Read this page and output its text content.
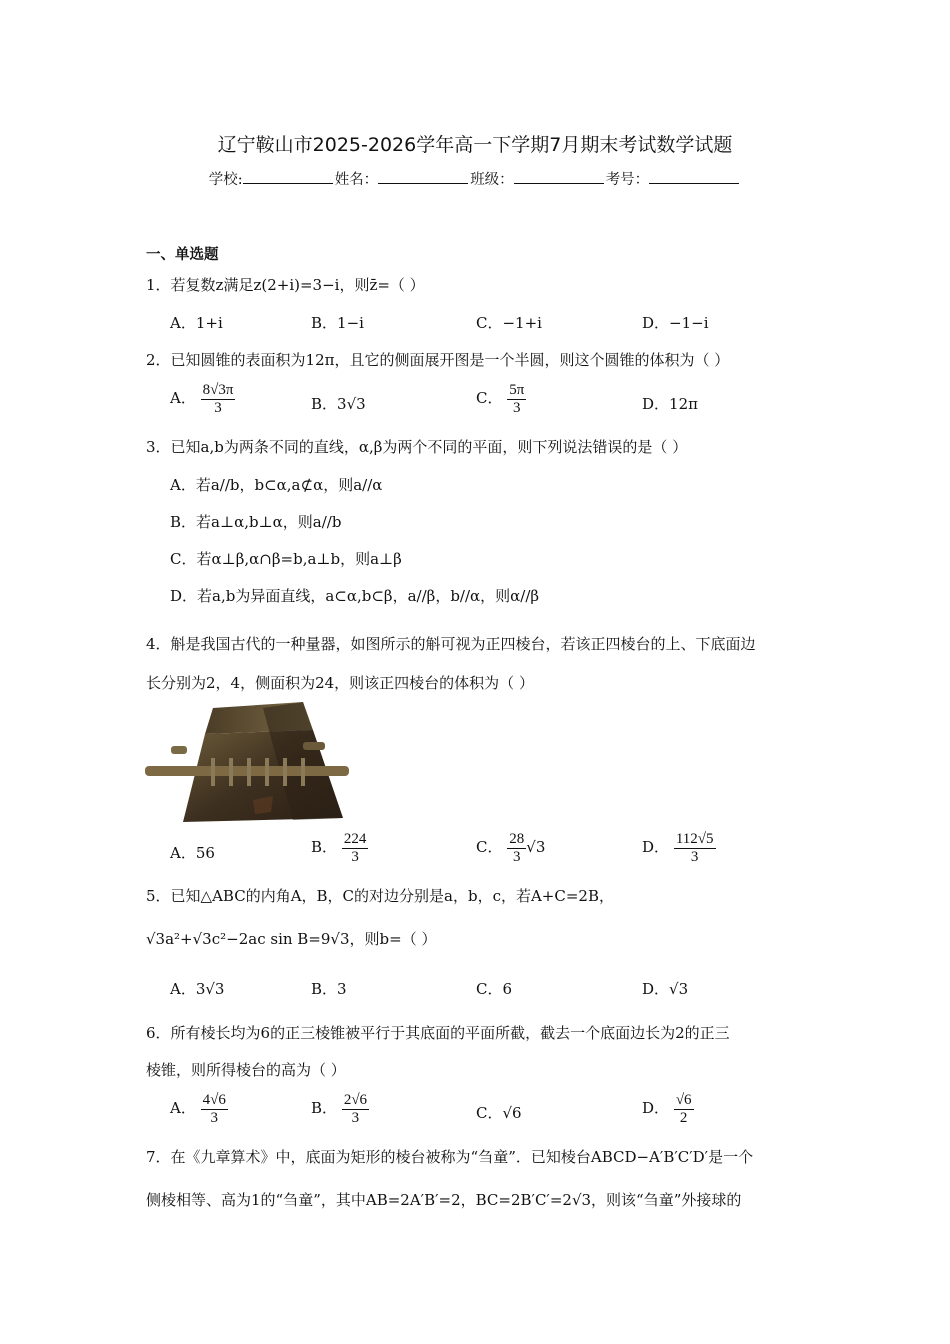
辽宁鞍山市2025-2026学年高一下学期7月期末考试数学试题
学校:	姓名：	班级：	考号：
一、单选题
1．若复数z满足z(2+i)=3−i，则z̄=（ ）
A．1+i	B．1−i	C．−1+i	D．−1−i
2．已知圆锥的表面积为12π，且它的侧面展开图是一个半圆，则这个圆锥的体积为（ ）
A． $\frac{8√3\pi}{3}$	B．3√3	C． $\frac{5\pi}{3}$	D．12π
3．已知a,b为两条不同的直线，α,β为两个不同的平面，则下列说法错误的是（ ）
A．若a//b，b⊂α,a⊄α，则a//α
B．若a⊥α,b⊥α，则a//b
C．若α⊥β,α∩β=b,a⊥b，则a⊥β
D．若a,b为异面直线，a⊂α,b⊂β，a//β，b//α，则α//β
4．斛是我国古代的一种量器，如图所示的斛可视为正四棱台，若该正四棱台的上、下底面边
长分别为2，4，侧面积为24，则该正四棱台的体积为（ ）
A．56	B． $\frac{224}{3}$	C． $\frac{28}{3} √3$	D． $\frac{112√5}{3}$
5．已知△ABC的内角A，B，C的对边分别是a，b，c，若A+C=2B，
√3a²+√3c²−2ac sin B=9√3，则b=（ ）
A．3√3	B．3	C．6	D．√3
6．所有棱长均为6的正三棱锥被平行于其底面的平面所截，截去一个底面边长为2的正三
棱锥，则所得棱台的高为（ ）
A． $\frac{4√6}{3}$	B． $\frac{2√6}{3}$	C．√6	D． $\frac{√6}{2}$
7．在《九章算术》中，底面为矩形的棱台被称为“刍童”．已知棱台ABCD−A′B′C′D′是一个
侧棱相等、高为1的“刍童”，其中AB=2A′B′=2，BC=2B′C′=2√3，则该“刍童”外接球的
